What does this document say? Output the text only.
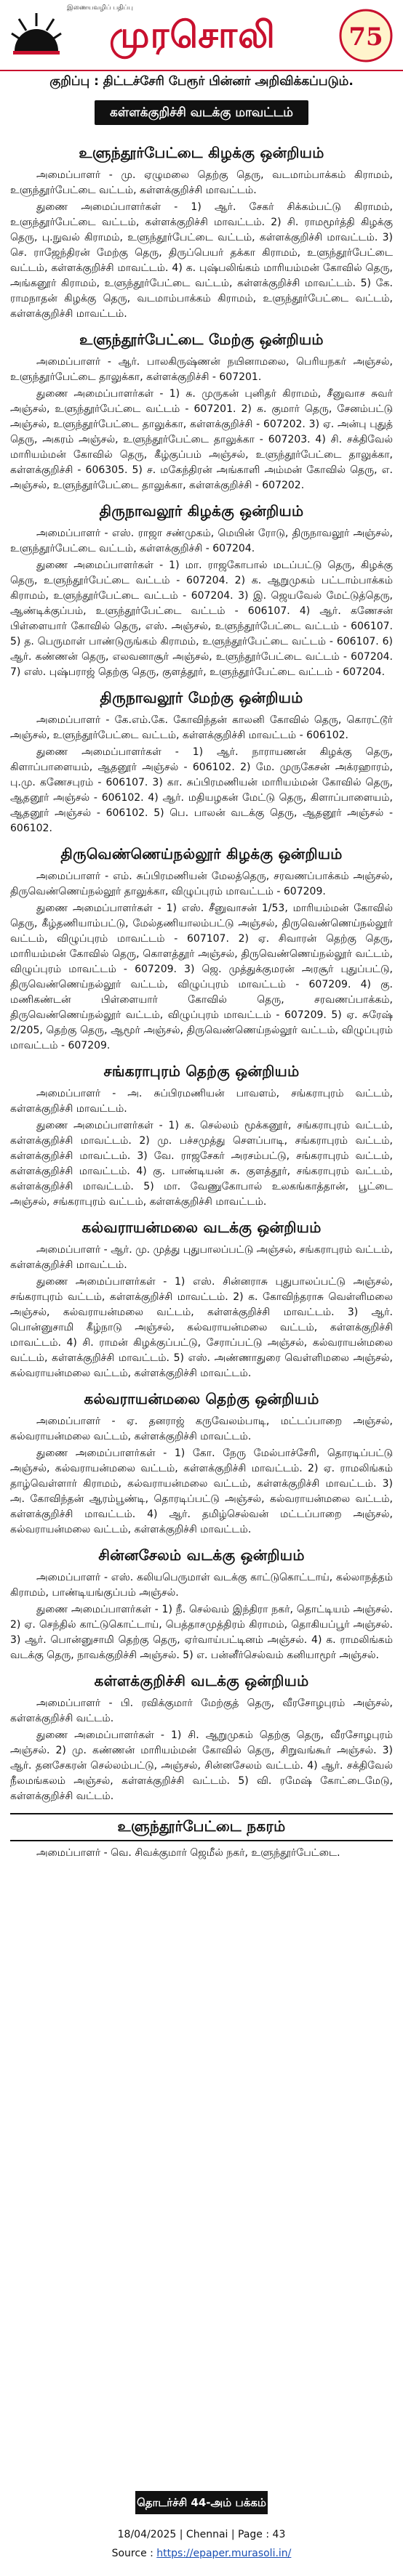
இணையவழிப் பதிப்பு
முரசொலி	75
குறிப்பு : திட்டச்சேரி பேரூர் பின்னர் அறிவிக்கப்படும்.
கள்ளக்குறிச்சி வடக்கு மாவட்டம்
உளுந்தூர்பேட்டை கிழக்கு ஒன்றியம்

அமைப்பாளர் - மு. ஏழுமலை தெற்கு தெரு, வடமாம்பாக்கம் கிராமம், உளுந்தூர்பேட்டை வட்டம், கள்ளக்குறிச்சி மாவட்டம்.

துணை அமைப்பாளர்கள் - 1) ஆர். சேகர் சிக்கம்பட்டு கிராமம், உளுந்தூர்பேட்டை வட்டம், கள்ளக்குறிச்சி மாவட்டம். 2) சி. ராமமூர்த்தி கிழக்கு தெரு, பு.நுவல் கிராமம், உளுந்தூர்பேட்டை வட்டம், கள்ளக்குறிச்சி மாவட்டம். 3) செ. ராஜேந்திரன் மேற்கு தெரு, திருப்பெயர் தக்கா கிராமம், உளுந்தூர்பேட்டை வட்டம், கள்ளக்குறிச்சி மாவட்டம். 4) க. புஷ்பலிங்கம் மாரியம்மன் கோவில் தெரு, அங்கனூர் கிராமம், உளுந்தூர்பேட்டை வட்டம், கள்ளக்குறிச்சி மாவட்டம். 5) கே. ராமநாதன் கிழக்கு தெரு, வடமாம்பாக்கம் கிராமம், உளுந்தூர்பேட்டை வட்டம், கள்ளக்குறிச்சி மாவட்டம்.

உளுந்தூர்பேட்டை மேற்கு ஒன்றியம்

அமைப்பாளர் - ஆர். பாலகிருஷ்ணன் நயினாமலை, பெரியநகர் அஞ்சல், உளுந்தூர்பேட்டை தாலுக்கா, கள்ளக்குறிச்சி - 607201.

துணை அமைப்பாளர்கள் - 1) சு. முருகன் புனிதர் கிராமம், சீனுவாச சுவர் அஞ்சல், உளுந்தூர்பேட்டை வட்டம் - 607201. 2) க. குமார் தெரு, சேனம்பட்டு அஞ்சல், உளுந்தூர்பேட்டை தாலுக்கா, கள்ளக்குறிச்சி - 607202. 3) ஏ. அன்பு புதுத் தெரு, அகரம் அஞ்சல், உளுந்தூர்பேட்டை தாலுக்கா - 607203. 4) சி. சக்திவேல் மாரியம்மன் கோவில் தெரு, கீழ்குப்பம் அஞ்சல், உளுந்தூர்பேட்டை தாலுக்கா, கள்ளக்குறிச்சி - 606305. 5) ச. மகேந்திரன் அங்காளி அம்மன் கோவில் தெரு, எ. அஞ்சல், உளுந்தூர்பேட்டை தாலுக்கா, கள்ளக்குறிச்சி - 607202.

திருநாவலூர் கிழக்கு ஒன்றியம்

அமைப்பாளர் - எஸ். ராஜா சண்முகம், மெயின் ரோடு, திருநாவலூர் அஞ்சல், உளுந்தூர்பேட்டை வட்டம், கள்ளக்குறிச்சி - 607204.

துணை அமைப்பாளர்கள் - 1) மா. ராஜகோபால் மடப்பட்டு தெரு, கிழக்கு தெரு, உளுந்தூர்பேட்டை வட்டம் - 607204. 2) க. ஆறுமுகம் பட்டாம்பாக்கம் கிராமம், உளுந்தூர்பேட்டை வட்டம் - 607204. 3) இ. ஜெயவேல் மேட்டுத்தெரு, ஆண்டிக்குப்பம், உளுந்தூர்பேட்டை வட்டம் - 606107. 4) ஆர். கணேசன் பிள்ளையார் கோவில் தெரு, எஸ். அஞ்சல், உளுந்தூர்பேட்டை வட்டம் - 606107. 5) த. பெருமாள் பாண்டுருங்கம் கிராமம், உளுந்தூர்பேட்டை வட்டம் - 606107. 6) ஆர். கண்ணன் தெரு, எலவனாசூர் அஞ்சல், உளுந்தூர்பேட்டை வட்டம் - 607204. 7) எஸ். புஷ்பராஜ் தெற்கு தெரு, குளத்தூர், உளுந்தூர்பேட்டை வட்டம் - 607204.

திருநாவலூர் மேற்கு ஒன்றியம்

அமைப்பாளர் - கே.எம்.கே. கோவிந்தன் காலனி கோவில் தெரு, கொரட்டூர் அஞ்சல், உளுந்தூர்பேட்டை வட்டம், கள்ளக்குறிச்சி மாவட்டம் - 606102.

துணை அமைப்பாளர்கள் - 1) ஆர். நாராயணன் கிழக்கு தெரு, கிளாப்பாளையம், ஆதனூர் அஞ்சல் - 606102. 2) மே. முருகேசன் அக்ரஹாரம், பு.மு. கணேசபுரம் - 606107. 3) கா. சுப்பிரமணியன் மாரியம்மன் கோவில் தெரு, ஆதனூர் அஞ்சல் - 606102. 4) ஆர். மதியழகன் மேட்டு தெரு, கிளாப்பாளையம், ஆதனூர் அஞ்சல் - 606102. 5) பெ. பாலன் வடக்கு தெரு, ஆதனூர் அஞ்சல் - 606102.

திருவெண்ணெய்நல்லூர் கிழக்கு ஒன்றியம்

அமைப்பாளர் - எம். சுப்பிரமணியன் மேலத்தெரு, சரவணப்பாக்கம் அஞ்சல், திருவெண்ணெய்நல்லூர் தாலுக்கா, விழுப்புரம் மாவட்டம் - 607209.

துணை அமைப்பாளர்கள் - 1) எஸ். சீனுவாசன் 1/53, மாரியம்மன் கோவில் தெரு, கீழ்தணியாம்பட்டு, மேல்தணியாலம்பட்டு அஞ்சல், திருவெண்ணெய்நல்லூர் வட்டம், விழுப்புரம் மாவட்டம் - 607107. 2) ஏ. சிவாரன் தெற்கு தெரு, மாரியம்மன் கோவில் தெரு, கொளத்தூர் அஞ்சல், திருவெண்ணெய்நல்லூர் வட்டம், விழுப்புரம் மாவட்டம் - 607209. 3) ஜெ. முத்துக்குமரன் அரசூர் புதுப்பட்டு, திருவெண்ணெய்நல்லூர் வட்டம், விழுப்புரம் மாவட்டம் - 607209. 4) கு. மணிகண்டன் பிள்ளையார் கோவில் தெரு, சரவணப்பாக்கம், திருவெண்ணெய்நல்லூர் வட்டம், விழுப்புரம் மாவட்டம் - 607209. 5) ஏ. சுரேஷ் 2/205, தெற்கு தெரு, ஆமூர் அஞ்சல், திருவெண்ணெய்நல்லூர் வட்டம், விழுப்புரம் மாவட்டம் - 607209.

சங்கராபுரம் தெற்கு ஒன்றியம்

அமைப்பாளர் - அ. சுப்பிரமணியன் பாவளம், சங்கராபுரம் வட்டம், கள்ளக்குறிச்சி மாவட்டம்.

துணை அமைப்பாளர்கள் - 1) க. செல்லம் மூக்கனூர், சங்கராபுரம் வட்டம், கள்ளக்குறிச்சி மாவட்டம். 2) மு. பச்சமுத்து சௌப்பாடி, சங்கராபுரம் வட்டம், கள்ளக்குறிச்சி மாவட்டம். 3) வே. ராஜசேகர் அரசம்பட்டு, சங்கராபுரம் வட்டம், கள்ளக்குறிச்சி மாவட்டம். 4) கு. பாண்டியன் சு. குளத்தூர், சங்கராபுரம் வட்டம், கள்ளக்குறிச்சி மாவட்டம். 5) மா. வேணுகோபால் உலகங்காத்தான், பூட்டை அஞ்சல், சங்கராபுரம் வட்டம், கள்ளக்குறிச்சி மாவட்டம்.

கல்வராயன்மலை வடக்கு ஒன்றியம்

அமைப்பாளர் - ஆர். மு. முத்து புதுபாலப்பட்டு அஞ்சல், சங்கராபுரம் வட்டம், கள்ளக்குறிச்சி மாவட்டம்.

துணை அமைப்பாளர்கள் - 1) எஸ். சின்னராசு புதுபாலப்பட்டு அஞ்சல், சங்கராபுரம் வட்டம், கள்ளக்குறிச்சி மாவட்டம். 2) க. கோவிந்தராசு வெள்ளிமலை அஞ்சல், கல்வராயன்மலை வட்டம், கள்ளக்குறிச்சி மாவட்டம். 3) ஆர். பொன்னுசாமி கீழ்நாடு அஞ்சல், கல்வராயன்மலை வட்டம், கள்ளக்குறிச்சி மாவட்டம். 4) சி. ராமன் கிழக்குப்பட்டு, சேராப்பட்டு அஞ்சல், கல்வராயன்மலை வட்டம், கள்ளக்குறிச்சி மாவட்டம். 5) எஸ். அண்ணாதுரை வெள்ளிமலை அஞ்சல், கல்வராயன்மலை வட்டம், கள்ளக்குறிச்சி மாவட்டம்.

கல்வராயன்மலை தெற்கு ஒன்றியம்

அமைப்பாளர் - ஏ. தனராஜ் கருவேலம்பாடி, மட்டப்பாறை அஞ்சல், கல்வராயன்மலை வட்டம், கள்ளக்குறிச்சி மாவட்டம்.

துணை அமைப்பாளர்கள் - 1) கோ. நேரு மேல்பாச்சேரி, தொரடிப்பட்டு அஞ்சல், கல்வராயன்மலை வட்டம், கள்ளக்குறிச்சி மாவட்டம். 2) ஏ. ராமலிங்கம் தாழ்வெள்ளார் கிராமம், கல்வராயன்மலை வட்டம், கள்ளக்குறிச்சி மாவட்டம். 3) அ. கோவிந்தன் ஆரம்பூண்டி, தொரடிப்பட்டு அஞ்சல், கல்வராயன்மலை வட்டம், கள்ளக்குறிச்சி மாவட்டம். 4) ஆர். தமிழ்செல்வன் மட்டப்பாறை அஞ்சல், கல்வராயன்மலை வட்டம், கள்ளக்குறிச்சி மாவட்டம்.

சின்னசேலம் வடக்கு ஒன்றியம்

அமைப்பாளர் - எஸ். கலியபெருமாள் வடக்கு காட்டுகொட்டாய், கல்லாநத்தம் கிராமம், பாண்டியங்குப்பம் அஞ்சல்.

துணை அமைப்பாளர்கள் - 1) நீ. செல்வம் இந்திரா நகர், தொட்டியம் அஞ்சல். 2) ஏ. செந்தில் காட்டுகொட்டாய், பெத்தாசமுத்திரம் கிராமம், தொகியப்பூர் அஞ்சல். 3) ஆர். பொன்னுசாமி தெற்கு தெரு, ஏர்வாய்பட்டினம் அஞ்சல். 4) க. ராமலிங்கம் வடக்கு தெரு, நாவக்குறிச்சி அஞ்சல். 5) எ. பன்னீர்செல்வம் கனியாமூர் அஞ்சல்.

கள்ளக்குறிச்சி வடக்கு ஒன்றியம்

அமைப்பாளர் - பி. ரவிக்குமார் மேற்குத் தெரு, வீரசோழபுரம் அஞ்சல், கள்ளக்குறிச்சி வட்டம்.

துணை அமைப்பாளர்கள் - 1) சி. ஆறுமுகம் தெற்கு தெரு, வீரசோழபுரம் அஞ்சல். 2) மு. கண்ணன் மாரியம்மன் கோவில் தெரு, சிறுவங்கூர் அஞ்சல். 3) ஆர். தனசேகரன் செல்லம்பட்டு, அஞ்சல், சின்னசேலம் வட்டம். 4) ஆர். சக்திவேல் நீலமங்கலம் அஞ்சல், கள்ளக்குறிச்சி வட்டம். 5) வி. ரமேஷ் கோட்டைமேடு, கள்ளக்குறிச்சி வட்டம்.

உளுந்தூர்பேட்டை நகரம்

அமைப்பாளர் - வெ. சிவக்குமார் ஜெமீல் நகர், உளுந்தூர்பேட்டை.

தொடர்ச்சி 44-அம் பக்கம்
18/04/2025 | Chennai | Page : 43
Source : https://epaper.murasoli.in/
